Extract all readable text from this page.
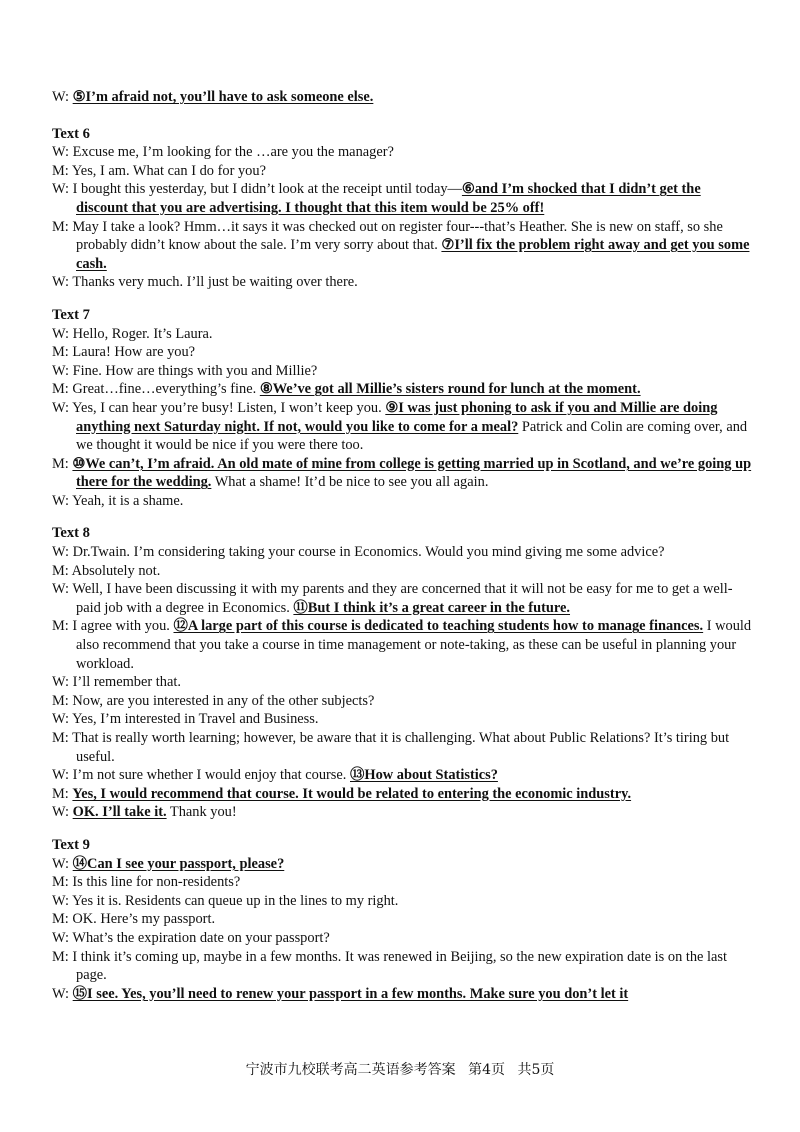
W: ⑤I’m afraid not, you’ll have to ask someone else.
Text 6
W: Excuse me, I’m looking for the …are you the manager?
M: Yes, I am. What can I do for you?
W: I bought this yesterday, but I didn’t look at the receipt until today—⑥and I’m shocked that I didn’t get the discount that you are advertising. I thought that this item would be 25% off!
M: May I take a look? Hmm…it says it was checked out on register four---that’s Heather. She is new on staff, so she probably didn’t know about the sale. I’m very sorry about that. ⑦I’ll fix the problem right away and get you some cash.
W: Thanks very much. I’ll just be waiting over there.
Text 7
W: Hello, Roger. It’s Laura.
M: Laura! How are you?
W: Fine. How are things with you and Millie?
M: Great…fine…everything’s fine. ⑧We’ve got all Millie’s sisters round for lunch at the moment.
W: Yes, I can hear you’re busy! Listen, I won’t keep you. ⑨I was just phoning to ask if you and Millie are doing anything next Saturday night. If not, would you like to come for a meal? Patrick and Colin are coming over, and we thought it would be nice if you were there too.
M: ⑩We can’t, I’m afraid. An old mate of mine from college is getting married up in Scotland, and we’re going up there for the wedding. What a shame! It’d be nice to see you all again.
W: Yeah, it is a shame.
Text 8
W: Dr.Twain. I’m considering taking your course in Economics. Would you mind giving me some advice?
M: Absolutely not.
W: Well, I have been discussing it with my parents and they are concerned that it will not be easy for me to get a well-paid job with a degree in Economics. ⑪But I think it’s a great career in the future.
M: I agree with you. ⑫A large part of this course is dedicated to teaching students how to manage finances. I would also recommend that you take a course in time management or note-taking, as these can be useful in planning your workload.
W: I’ll remember that.
M: Now, are you interested in any of the other subjects?
W: Yes, I’m interested in Travel and Business.
M: That is really worth learning; however, be aware that it is challenging. What about Public Relations? It’s tiring but useful.
W: I’m not sure whether I would enjoy that course. ⑬How about Statistics?
M: Yes, I would recommend that course. It would be related to entering the economic industry.
W: OK. I’ll take it. Thank you!
Text 9
W: ⑭Can I see your passport, please?
M: Is this line for non-residents?
W: Yes it is. Residents can queue up in the lines to my right.
M: OK. Here’s my passport.
W: What’s the expiration date on your passport?
M: I think it’s coming up, maybe in a few months. It was renewed in Beijing, so the new expiration date is on the last page.
W: ⑮I see. Yes, you’ll need to renew your passport in a few months. Make sure you don’t let it
宁波市九校联考高二英语参考答案 第4页 共5页
